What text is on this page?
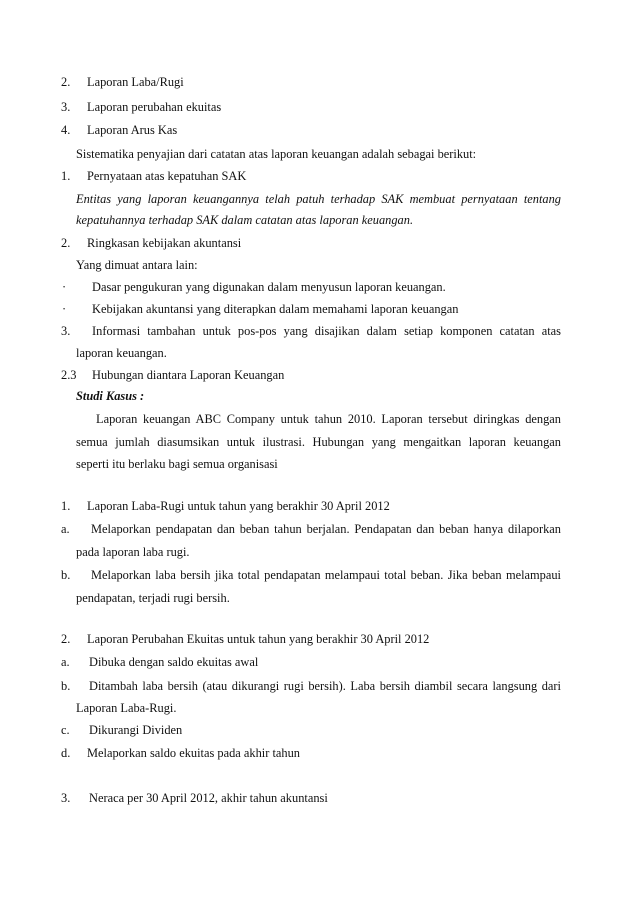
2. Laporan Laba/Rugi
3. Laporan perubahan ekuitas
4. Laporan Arus Kas
Sistematika penyajian dari catatan atas laporan keuangan adalah sebagai berikut:
1. Pernyataan atas kepatuhan SAK
Entitas yang laporan keuangannya telah patuh terhadap SAK membuat pernyataan tentang
kepatuhannya terhadap SAK dalam catatan atas laporan keuangan.
2. Ringkasan kebijakan akuntansi
Yang dimuat antara lain:
· Dasar pengukuran yang digunakan dalam menyusun laporan keuangan.
· Kebijakan akuntansi yang diterapkan dalam memahami laporan keuangan
3. Informasi tambahan untuk pos-pos yang disajikan dalam setiap komponen catatan atas
laporan keuangan.
2.3 Hubungan diantara Laporan Keuangan
Studi Kasus :
Laporan keuangan ABC Company untuk tahun 2010. Laporan tersebut diringkas dengan
semua jumlah diasumsikan untuk ilustrasi. Hubungan yang mengaitkan laporan keuangan
seperti itu berlaku bagi semua organisasi
1. Laporan Laba-Rugi untuk tahun yang berakhir 30 April 2012
a. Melaporkan pendapatan dan beban tahun berjalan. Pendapatan dan beban hanya dilaporkan
pada laporan laba rugi.
b. Melaporkan laba bersih jika total pendapatan melampaui total beban. Jika beban melampaui
pendapatan, terjadi rugi bersih.
2. Laporan Perubahan Ekuitas untuk tahun yang berakhir 30 April 2012
a. Dibuka dengan saldo ekuitas awal
b. Ditambah laba bersih (atau dikurangi rugi bersih). Laba bersih diambil secara langsung dari
Laporan Laba-Rugi.
c. Dikurangi Dividen
d. Melaporkan saldo ekuitas pada akhir tahun
3. Neraca per 30 April 2012, akhir tahun akuntansi
